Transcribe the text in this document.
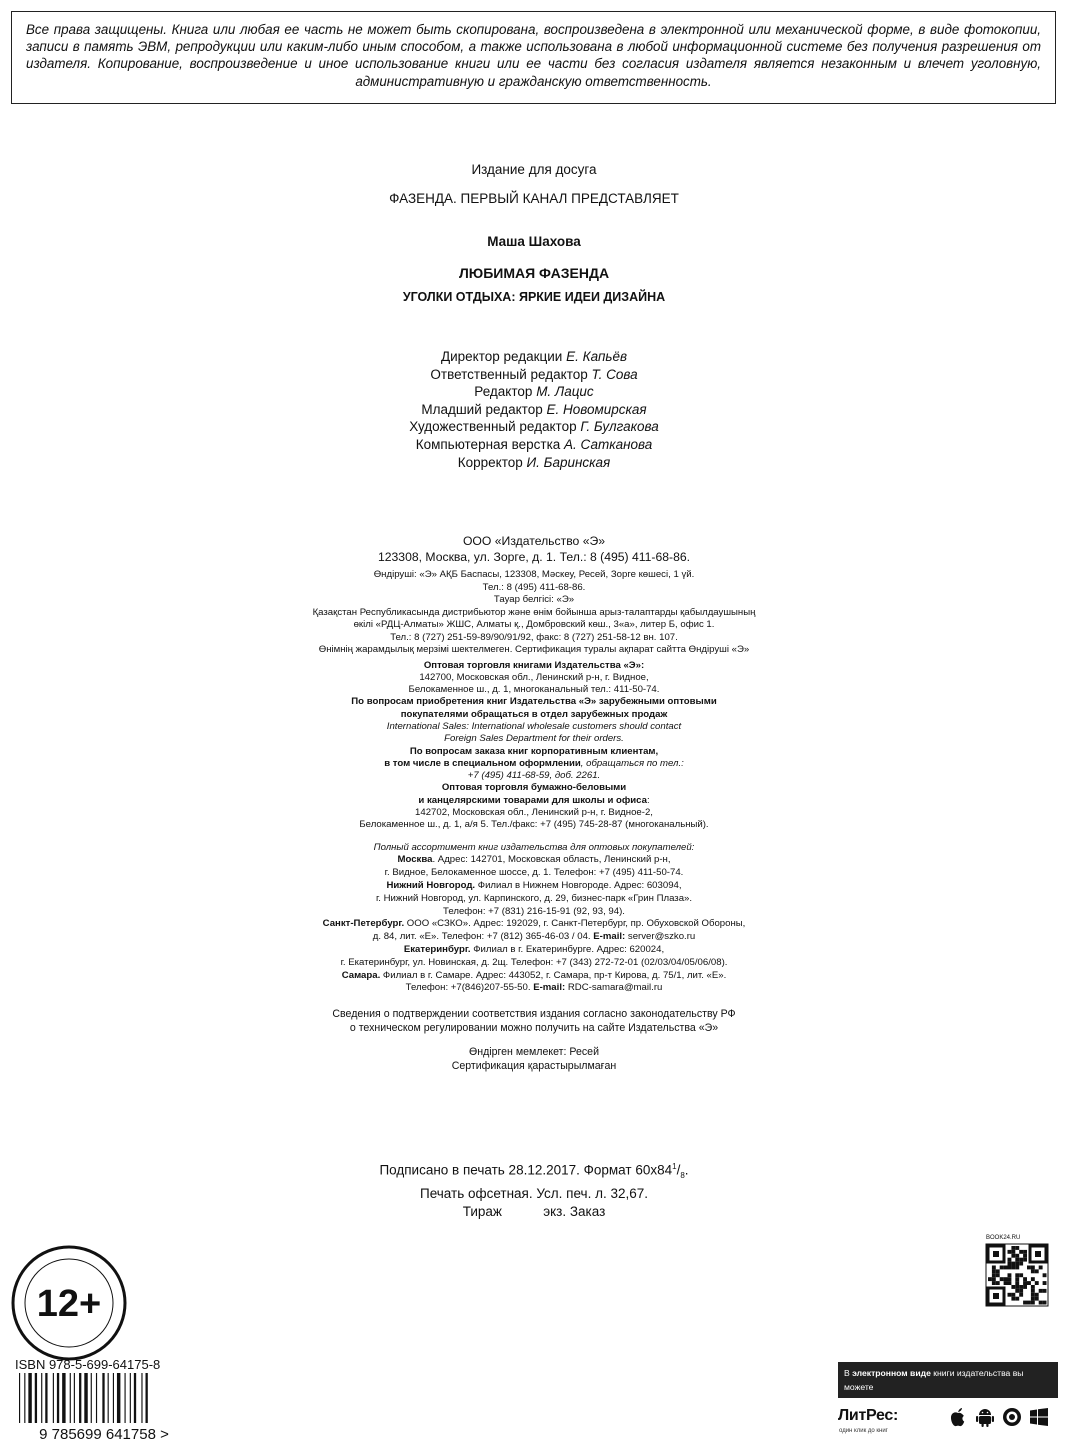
Все права защищены. Книга или любая ее часть не может быть скопирована, воспроизведена в электронной или механической форме, в виде фотокопии, записи в память ЭВМ, репродукции или каким-либо иным способом, а также использована в любой информационной системе без получения разрешения от издателя. Копирование, воспроизведение и иное использование книги или ее части без согласия издателя является незаконным и влечет уголовную, административную и гражданскую ответственность.
Издание для досуга
ФАЗЕНДА. ПЕРВЫЙ КАНАЛ ПРЕДСТАВЛЯЕТ
Маша Шахова
ЛЮБИМАЯ ФАЗЕНДА
УГОЛКИ ОТДЫХА: ЯРКИЕ ИДЕИ ДИЗАЙНА
Директор редакции Е. Капьёв
Ответственный редактор Т. Сова
Редактор М. Лацис
Младший редактор Е. Новомирская
Художественный редактор Г. Булгакова
Компьютерная верстка А. Сатканова
Корректор И. Баринская
ООО «Издательство «Э»
123308, Москва, ул. Зорге, д. 1. Тел.: 8 (495) 411-68-86.
Өндіруші: «Э» АҚБ Баспасы, 123308, Мәскеу, Ресей, Зорге көшесі, 1 үй.
Тел.: 8 (495) 411-68-86.
Тауар белгісі: «Э»
Қазақстан Республикасында дистрибьютор және өнім бойынша арыз-талаптарды қабылдаушының
өкілі «РДЦ-Алматы» ЖШС, Алматы қ., Домбровский көш., 3«а», литер Б, офис 1.
Тел.: 8 (727) 251-59-89/90/91/92, факс: 8 (727) 251-58-12 вн. 107.
Өнімнің жарамдылық мерзімі шектелмеген. Сертификация туралы ақпарат сайтта Өндіруші «Э»
Оптовая торговля книгами Издательства «Э»:
142700, Московская обл., Ленинский р-н, г. Видное,
Белокаменное ш., д. 1, многоканальный тел.: 411-50-74.
По вопросам приобретения книг Издательства «Э» зарубежными оптовыми
покупателями обращаться в отдел зарубежных продаж
International Sales: International wholesale customers should contact
Foreign Sales Department for their orders.
По вопросам заказа книг корпоративным клиентам,
в том числе в специальном оформлении, обращаться по тел.:
+7 (495) 411-68-59, доб. 2261.
Оптовая торговля бумажно-беловыми
и канцелярскими товарами для школы и офиса:
142702, Московская обл., Ленинский р-н, г. Видное-2,
Белокаменное ш., д. 1, а/я 5. Тел./факс: +7 (495) 745-28-87 (многоканальный).
Полный ассортимент книг издательства для оптовых покупателей:
Москва. Адрес: 142701, Московская область, Ленинский р-н,
г. Видное, Белокаменное шоссе, д. 1. Телефон: +7 (495) 411-50-74.
Нижний Новгород. Филиал в Нижнем Новгороде. Адрес: 603094,
г. Нижний Новгород, ул. Карпинского, д. 29, бизнес-парк «Грин Плаза».
Телефон: +7 (831) 216-15-91 (92, 93, 94).
Санкт-Петербург. ООО «СЗКО». Адрес: 192029, г. Санкт-Петербург, пр. Обуховской Обороны,
д. 84, лит. «Е». Телефон: +7 (812) 365-46-03 / 04. E-mail: server@szko.ru
Екатеринбург. Филиал в г. Екатеринбурге. Адрес: 620024,
г. Екатеринбург, ул. Новинская, д. 2щ. Телефон: +7 (343) 272-72-01 (02/03/04/05/06/08).
Самара. Филиал в г. Самаре. Адрес: 443052, г. Самара, пр-т Кирова, д. 75/1, лит. «Е».
Телефон: +7(846)207-55-50. E-mail: RDC-samara@mail.ru
Сведения о подтверждении соответствия издания согласно законодательству РФ
о техническом регулировании можно получить на сайте Издательства «Э»
Өндірген мемлекет: Ресей
Сертификация қарастырылмаған
Подписано в печать 28.12.2017. Формат $60x84^1/_8$.
Печать офсетная. Усл. печ. л. 32,67.
Тираж           экз. Заказ
12+
BOOK24.RU
ISBN 978-5-699-64175-8
9 785699 641758 >
В электронном виде книги издательства вы можете
купить на www.litres.ru
ЛитРес:
один клик до книг
